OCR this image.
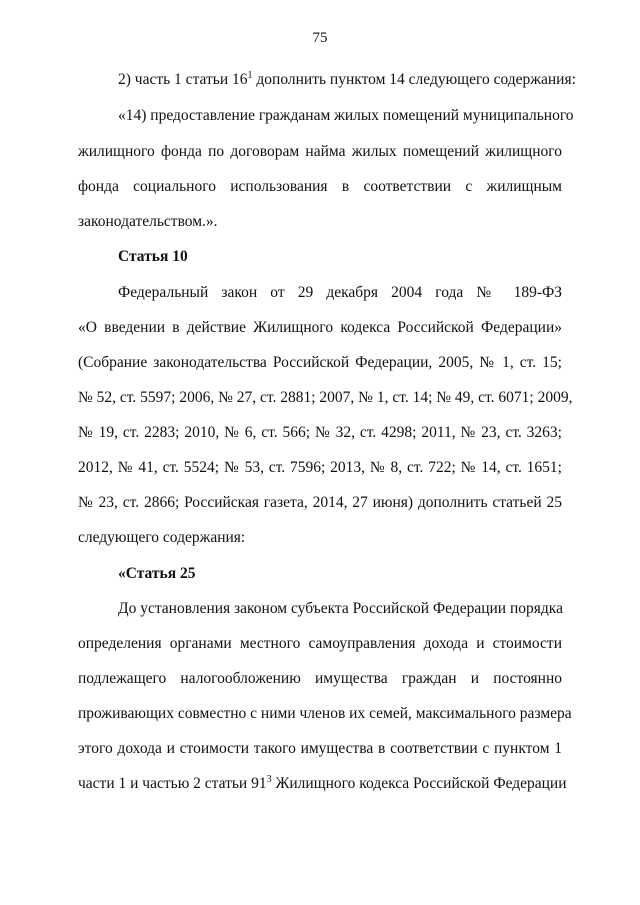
75
2) часть 1 статьи $16^1$ дополнить пунктом 14 следующего содержания:
«14) предоставление гражданам жилых помещений муниципального
жилищного фонда по договорам найма жилых помещений жилищного
фонда социального использования в соответствии с жилищным
законодательством.».
Статья 10
Федеральный закон от 29 декабря 2004 года № 189-ФЗ
«О введении в действие Жилищного кодекса Российской Федерации»
(Собрание законодательства Российской Федерации, 2005, № 1, ст. 15;
№ 52, ст. 5597; 2006, № 27, ст. 2881; 2007, № 1, ст. 14; № 49, ст. 6071; 2009,
№ 19, ст. 2283; 2010, № 6, ст. 566; № 32, ст. 4298; 2011, № 23, ст. 3263;
2012, № 41, ст. 5524; № 53, ст. 7596; 2013, № 8, ст. 722; № 14, ст. 1651;
№ 23, ст. 2866; Российская газета, 2014, 27 июня) дополнить статьей 25
следующего содержания:
«Статья 25
До установления законом субъекта Российской Федерации порядка
определения органами местного самоуправления дохода и стоимости
подлежащего налогообложению имущества граждан и постоянно
проживающих совместно с ними членов их семей, максимального размера
этого дохода и стоимости такого имущества в соответствии с пунктом 1
части 1 и частью 2 статьи $91^3$ Жилищного кодекса Российской Федерации
